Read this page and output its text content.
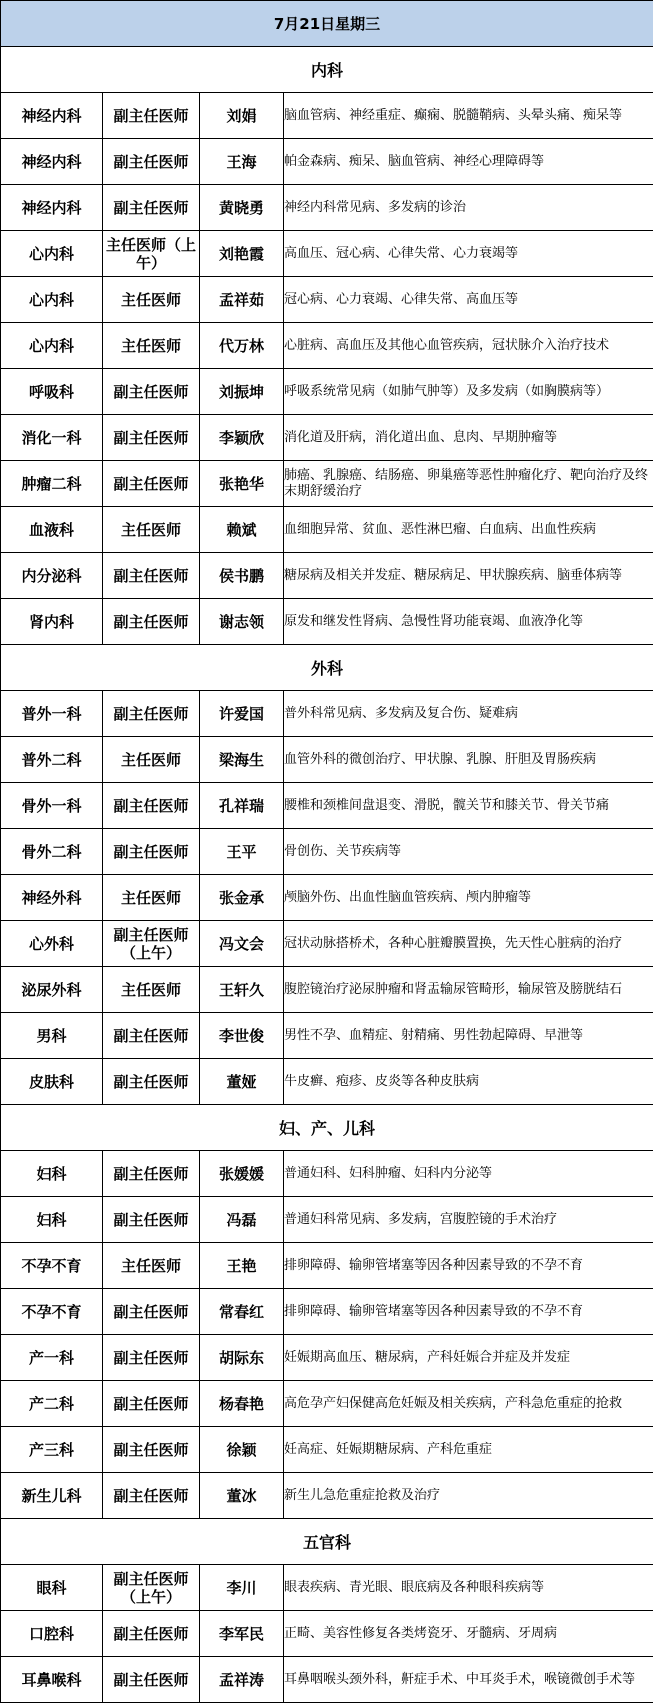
7月21日星期三			
内科			
神经内科	副主任医师	刘娟	脑血管病、神经重症、癫痫、脱髓鞘病、头晕头痛、痴呆等
神经内科	副主任医师	王海	帕金森病、痴呆、脑血管病、神经心理障碍等
神经内科	副主任医师	黄晓勇	神经内科常见病、多发病的诊治
心内科	主任医师（上午）	刘艳霞	高血压、冠心病、心律失常、心力衰竭等
心内科	主任医师	孟祥茹	冠心病、心力衰竭、心律失常、高血压等
心内科	主任医师	代万林	心脏病、高血压及其他心血管疾病，冠状脉介入治疗技术
呼吸科	副主任医师	刘振坤	呼吸系统常见病（如肺气肿等）及多发病（如胸膜病等）
消化一科	副主任医师	李颖欣	消化道及肝病，消化道出血、息肉、早期肿瘤等
肿瘤二科	副主任医师	张艳华	肺癌、乳腺癌、结肠癌、卵巢癌等恶性肿瘤化疗、靶向治疗及终末期舒缓治疗
血液科	主任医师	赖斌	血细胞异常、贫血、恶性淋巴瘤、白血病、出血性疾病
内分泌科	副主任医师	侯书鹏	糖尿病及相关并发症、糖尿病足、甲状腺疾病、脑垂体病等
肾内科	副主任医师	谢志领	原发和继发性肾病、急慢性肾功能衰竭、血液净化等
外科			
普外一科	副主任医师	许爱国	普外科常见病、多发病及复合伤、疑难病
普外二科	主任医师	梁海生	血管外科的微创治疗、甲状腺、乳腺、肝胆及胃肠疾病
骨外一科	副主任医师	孔祥瑞	腰椎和颈椎间盘退变、滑脱，髋关节和膝关节、骨关节痛
骨外二科	副主任医师	王平	骨创伤、关节疾病等
神经外科	主任医师	张金承	颅脑外伤、出血性脑血管疾病、颅内肿瘤等
心外科	副主任医师（上午）	冯文会	冠状动脉搭桥术，各种心脏瓣膜置换，先天性心脏病的治疗
泌尿外科	主任医师	王轩久	腹腔镜治疗泌尿肿瘤和肾盂输尿管畸形，输尿管及膀胱结石
男科	副主任医师	李世俊	男性不孕、血精症、射精痛、男性勃起障碍、早泄等
皮肤科	副主任医师	董娅	牛皮癣、疱疹、皮炎等各种皮肤病
妇、产、儿科			
妇科	副主任医师	张媛媛	普通妇科、妇科肿瘤、妇科内分泌等
妇科	副主任医师	冯磊	普通妇科常见病、多发病，宫腹腔镜的手术治疗
不孕不育	主任医师	王艳	排卵障碍、输卵管堵塞等因各种因素导致的不孕不育
不孕不育	副主任医师	常春红	排卵障碍、输卵管堵塞等因各种因素导致的不孕不育
产一科	副主任医师	胡际东	妊娠期高血压、糖尿病，产科妊娠合并症及并发症
产二科	副主任医师	杨春艳	高危孕产妇保健高危妊娠及相关疾病，产科急危重症的抢救
产三科	副主任医师	徐颖	妊高症、妊娠期糖尿病、产科危重症
新生儿科	副主任医师	董冰	新生儿急危重症抢救及治疗
五官科			
眼科	副主任医师（上午）	李川	眼表疾病、青光眼、眼底病及各种眼科疾病等
口腔科	副主任医师	李军民	正畸、美容性修复各类烤瓷牙、牙髓病、牙周病
耳鼻喉科	副主任医师	孟祥涛	耳鼻咽喉头颈外科，鼾症手术、中耳炎手术，喉镜微创手术等
